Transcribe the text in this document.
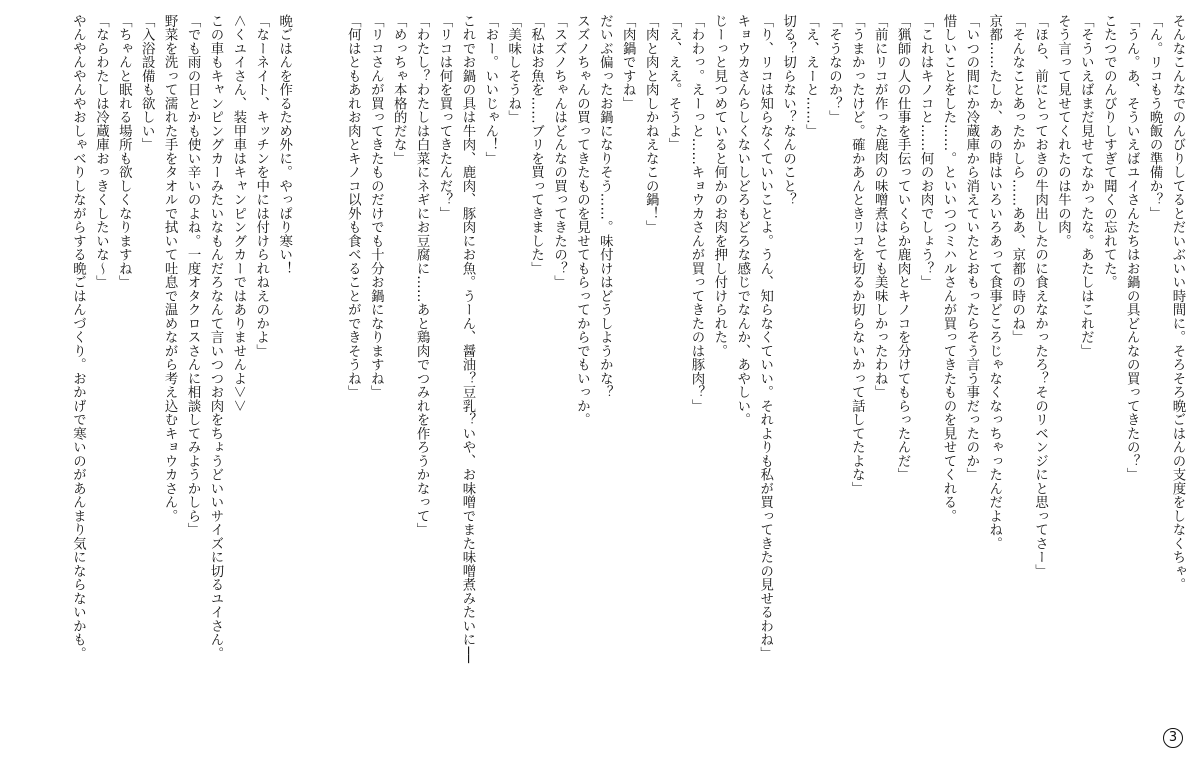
そんなこんなでのんびりしてるとだいぶいい時間に。そろそろ晩ごはんの支度をしなくちゃ。
「ん。リコもう晩飯の準備か？」
「うん。あ、そういえばユイさんたちはお鍋の具どんなの買ってきたの？」
こたつでのんびりしすぎて聞くの忘れてた。
「そういえばまだ見せてなかったな。あたしはこれだ」
そう言って見せてくれたのは牛の肉。
「ほら、前にとっておきの牛肉出したのに食えなかったろ？そのリベンジにと思ってさー」
「そんなことあったかしら……ああ、京都の時のね」
京都……たしか、あの時はいろいろあって食事どころじゃなくなっちゃったんだよね。
「いつの間にか冷蔵庫から消えていたとおもったらそう言う事だったのか」
惜しいことをした……。といいつつミハルさんが買ってきたものを見せてくれる。
「これはキノコと……何のお肉でしょう？」
「猟師の人の仕事を手伝っていくらか鹿肉とキノコを分けてもらったんだ」
「前にリコが作った鹿肉の味噌煮はとても美味しかったわね」
「うまかったけど。確かあんときリコを切るか切らないかって話してたよな」
「そうなのか？」
「え、えーと……」
切る？切らない？なんのこと？
「り、リコは知らなくていいことよ。うん、知らなくていい。それよりも私が買ってきたの見せるわね」
キョウカさんらしくないしどろもどろな感じでなんか、あやしい。
じーっと見つめていると何かのお肉を押し付けられた。
「わわっ。えーっと……キョウカさんが買ってきたのは豚肉？」
「え、ええ。そうよ」
「肉と肉と肉しかねえなこの鍋！」
「肉鍋ですね」
だいぶ偏ったお鍋になりそう……。味付けはどうしようかな？
スズノちゃんの買ってきたものを見せてもらってからでもいっか。
「スズノちゃんはどんなの買ってきたの？」
「私はお魚を……ブリを買ってきました」
「美味しそうね」
「おー。いいじゃん！」
これでお鍋の具は牛肉、鹿肉、豚肉にお魚。うーん、醤油？豆乳？いや、お味噌でまた味噌煮みたいに──
「リコは何を買ってきたんだ？」
「わたし？わたしは白菜にネギにお豆腐に……あと鶏肉でつみれを作ろうかなって」
「めっちゃ本格的だな」
「リコさんが買ってきたものだけでも十分お鍋になりますね」
「何はともあれお肉とキノコ以外も食べることができそうね」
晩ごはんを作るため外に。やっぱり寒い！
「なーネイト、キッチンを中には付けられねえのかよ」
＜くユイさん、装甲車はキャンピングカーではありませんよ＞＞
この車もキャンピングカーみたいなもんだろなんて言いつつお肉をちょうどいいサイズに切るユイさん。
「でも雨の日とかも使い辛いのよね。一度オタクロスさんに相談してみようかしら」
野菜を洗って濡れた手をタオルで拭いて吐息で温めながら考え込むキョウカさん。
「入浴設備も欲しい」
「ちゃんと眠れる場所も欲しくなりますね」
「ならわたしは冷蔵庫おっきくしたいな～」
やんやんやんやおしゃべりしながらする晩ごはんづくり。おかげで寒いのがあんまり気にならないかも。
3
